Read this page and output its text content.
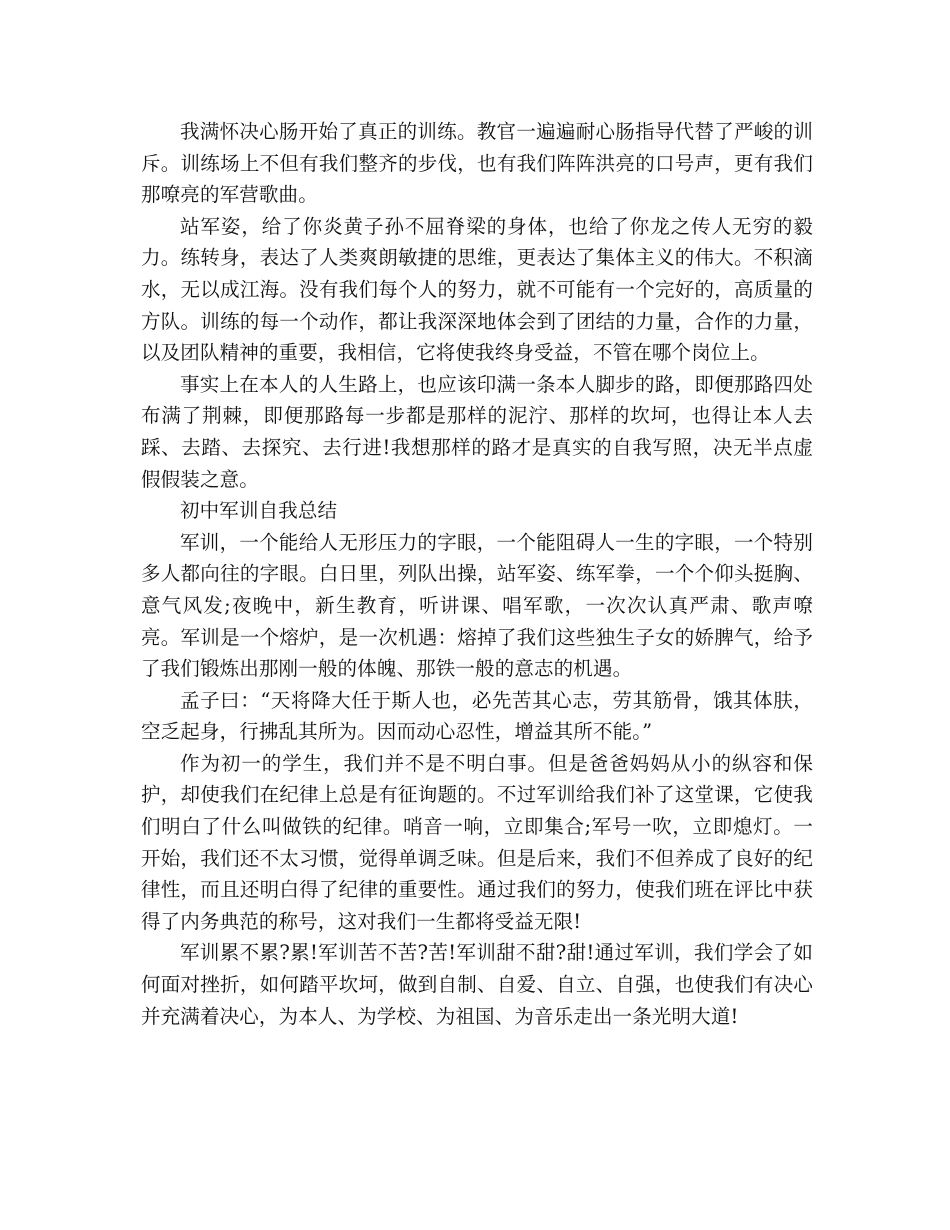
我满怀决心肠开始了真正的训练。教官一遍遍耐心肠指导代替了严峻的训斥。训练场上不但有我们整齐的步伐，也有我们阵阵洪亮的口号声，更有我们那嘹亮的军营歌曲。

站军姿，给了你炎黄子孙不屈脊梁的身体，也给了你龙之传人无穷的毅力。练转身，表达了人类爽朗敏捷的思维，更表达了集体主义的伟大。不积滴水，无以成江海。没有我们每个人的努力，就不可能有一个完好的，高质量的方队。训练的每一个动作，都让我深深地体会到了团结的力量，合作的力量，以及团队精神的重要，我相信，它将使我终身受益，不管在哪个岗位上。

事实上在本人的人生路上，也应该印满一条本人脚步的路，即便那路四处布满了荆棘，即便那路每一步都是那样的泥泞、那样的坎坷，也得让本人去踩、去踏、去探究、去行进!我想那样的路才是真实的自我写照，决无半点虚假假装之意。

初中军训自我总结

军训，一个能给人无形压力的字眼，一个能阻碍人一生的字眼，一个特别多人都向往的字眼。白日里，列队出操，站军姿、练军拳，一个个仰头挺胸、意气风发;夜晚中，新生教育，听讲课、唱军歌，一次次认真严肃、歌声嘹亮。军训是一个熔炉，是一次机遇：熔掉了我们这些独生子女的娇脾气，给予了我们锻炼出那刚一般的体魄、那铁一般的意志的机遇。

孟子曰：“天将降大任于斯人也，必先苦其心志，劳其筋骨，饿其体肤，空乏起身，行拂乱其所为。因而动心忍性，增益其所不能。”

作为初一的学生，我们并不是不明白事。但是爸爸妈妈从小的纵容和保护，却使我们在纪律上总是有征询题的。不过军训给我们补了这堂课，它使我们明白了什么叫做铁的纪律。哨音一响，立即集合;军号一吹，立即熄灯。一开始，我们还不太习惯，觉得单调乏味。但是后来，我们不但养成了良好的纪律性，而且还明白得了纪律的重要性。通过我们的努力，使我们班在评比中获得了内务典范的称号，这对我们一生都将受益无限!

军训累不累?累!军训苦不苦?苦!军训甜不甜?甜!通过军训，我们学会了如何面对挫折，如何踏平坎坷，做到自制、自爱、自立、自强，也使我们有决心并充满着决心，为本人、为学校、为祖国、为音乐走出一条光明大道!
